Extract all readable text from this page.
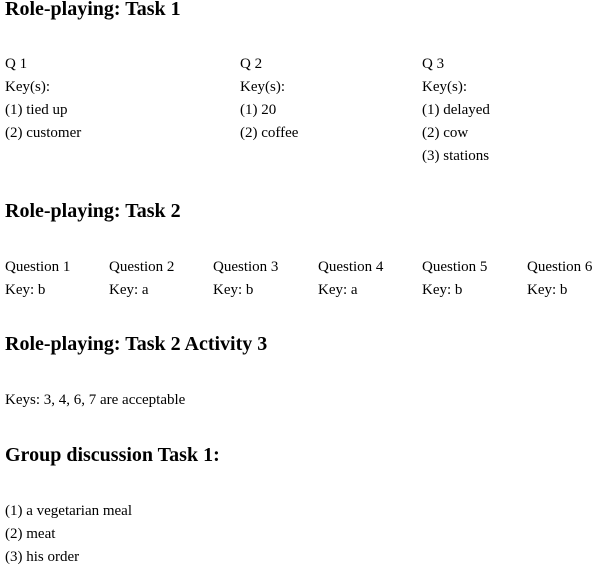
Role-playing: Task 1
Q 1
Key(s):
(1) tied up
(2) customer
Q 2
Key(s):
(1) 20
(2) coffee
Q 3
Key(s):
(1) delayed
(2) cow
(3) stations
Role-playing: Task 2
Question 1
Key: b
Question 2
Key: a
Question 3
Key: b
Question 4
Key: a
Question 5
Key: b
Question 6
Key: b
Role-playing: Task 2 Activity 3
Keys: 3, 4, 6, 7 are acceptable
Group discussion Task 1:
(1) a vegetarian meal
(2) meat
(3) his order
